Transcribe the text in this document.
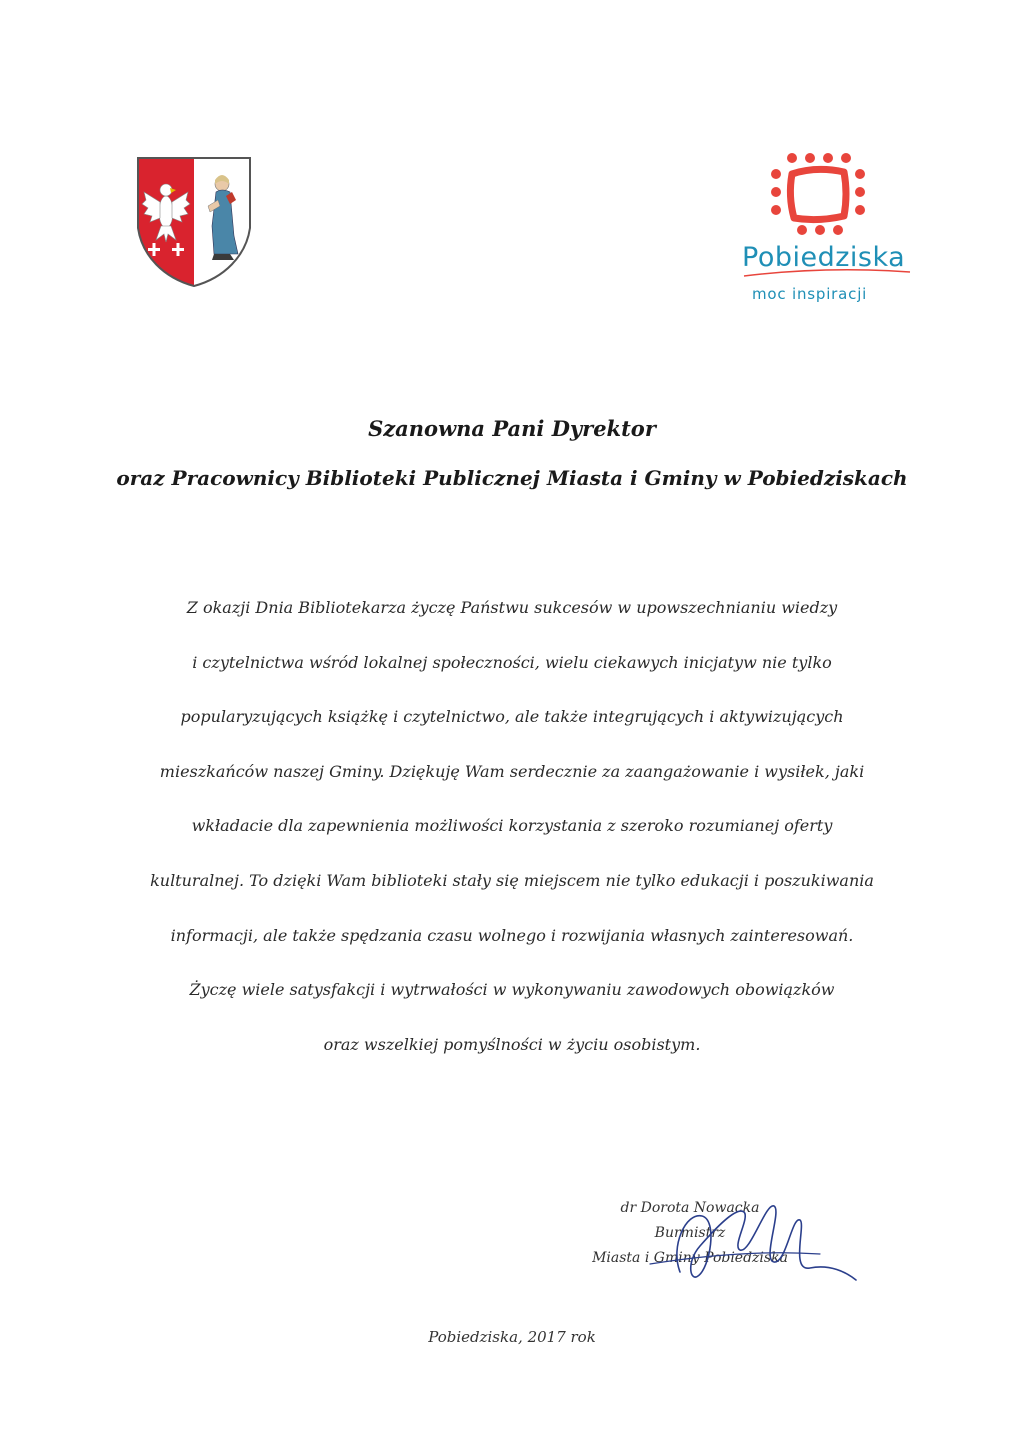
Pobiedziska
moc inspiracji
Szanowna Pani Dyrektor
oraz Pracownicy Biblioteki Publicznej Miasta i Gminy w Pobiedziskach
Z okazji Dnia Bibliotekarza życzę Państwu sukcesów w upowszechnianiu wiedzy
i czytelnictwa wśród lokalnej społeczności, wielu ciekawych inicjatyw nie tylko
popularyzujących książkę i czytelnictwo, ale także integrujących i aktywizujących
mieszkańców naszej Gminy. Dziękuję Wam serdecznie za zaangażowanie i wysiłek, jaki
wkładacie dla zapewnienia możliwości korzystania z szeroko rozumianej oferty
kulturalnej. To dzięki Wam biblioteki stały się miejscem nie tylko edukacji i poszukiwania
informacji, ale także spędzania czasu wolnego i rozwijania własnych zainteresowań.
Życzę wiele satysfakcji i wytrwałości w wykonywaniu zawodowych obowiązków
oraz wszelkiej pomyślności w życiu osobistym.
dr Dorota Nowacka
Burmistrz
Miasta i Gminy Pobiedziska
Pobiedziska, 2017 rok
